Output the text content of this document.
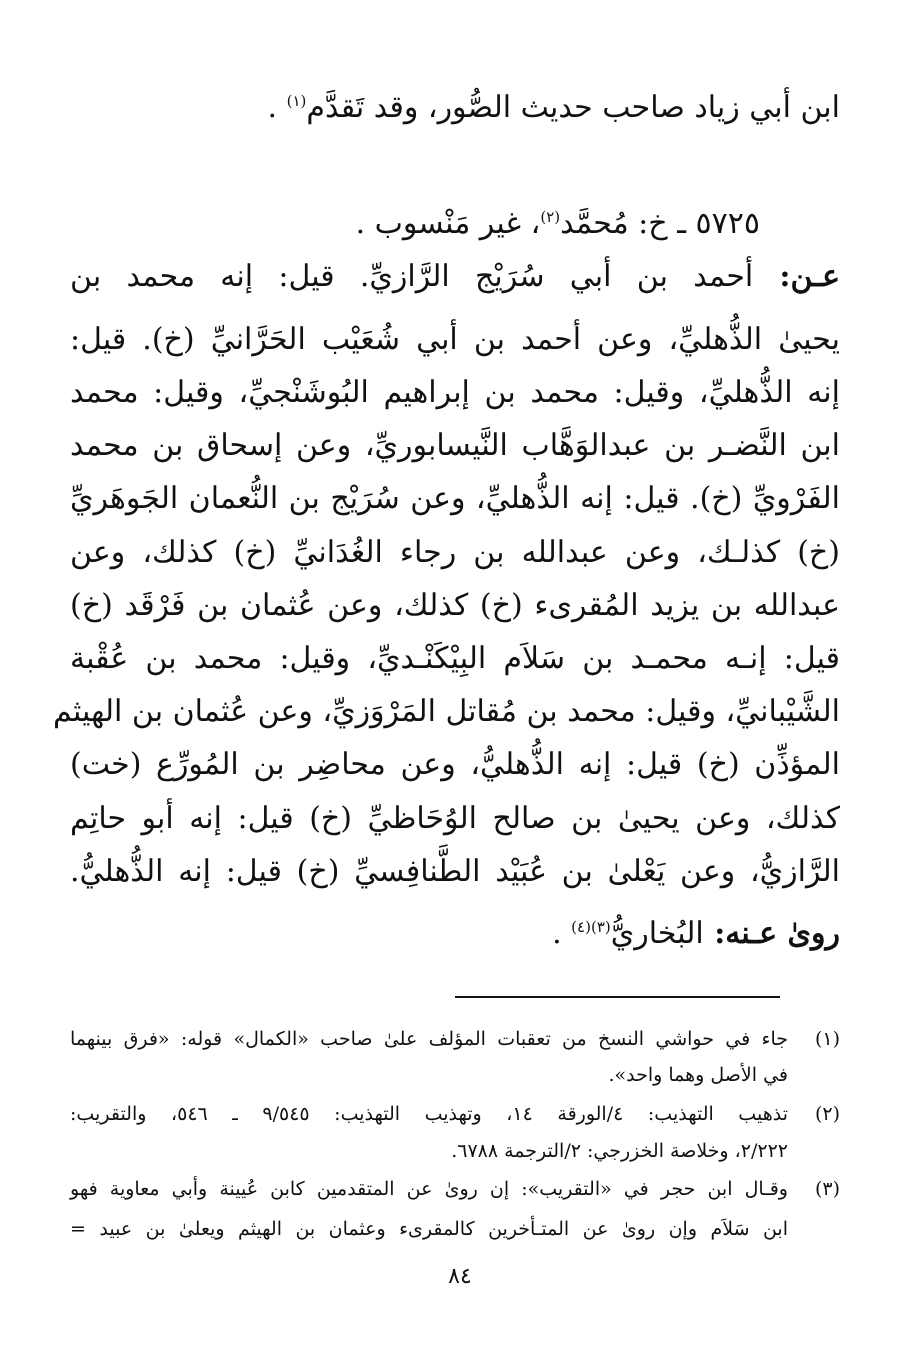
ابن أبي زياد صاحب حديث الصُّور، وقد تَقدَّم$^{(١)}$ .
٥٧٢٥ ـ خ: مُحمَّد$^{(٢)}$، غير مَنْسوب .
عـن: أحمد بن أبي سُرَيْج الرَّازيِّ. قيل: إنه محمد بن
يحيىٰ الذُّهليِّ، وعن أحمد بن أبي شُعَيْب الحَرَّانيِّ (خ). قيل:
إنه الذُّهليِّ، وقيل: محمد بن إبراهيم البُوشَنْجيِّ، وقيل: محمد
ابن النَّضـر بن عبدالوَهَّاب النَّيسابوريِّ، وعن إسحاق بن محمد
الفَرْويِّ (خ). قيل: إنه الذُّهليِّ، وعن سُرَيْج بن النُّعمان الجَوهَريِّ
(خ) كذلـك، وعن عبدالله بن رجاء الغُدَانيِّ (خ) كذلك، وعن
عبدالله بن يزيد المُقرىء (خ) كذلك، وعن عُثمان بن فَرْقَد (خ)
قيل: إنـه محمـد بن سَلاَم البِيْكَنْـديِّ، وقيل: محمد بن عُقْبة
الشَّيْبانيِّ، وقيل: محمد بن مُقاتل المَرْوَزيِّ، وعن عُثمان بن الهيثم
المؤذِّن (خ) قيل: إنه الذُّهليُّ، وعن محاضِر بن المُورِّع (خت)
كذلك، وعن يحيىٰ بن صالح الوُحَاظيِّ (خ) قيل: إنه أبو حاتِم
الرَّازيُّ، وعن يَعْلىٰ بن عُبَيْد الطَّنافِسيِّ (خ) قيل: إنه الذُّهليُّ.
روىٰ عـنه: البُخاريُّ$^{(٣)(٤)}$ .
(١)
جاء في حواشي النسخ من تعقبات المؤلف علىٰ صاحب «الكمال» قوله: «فرق بينهما
في الأصل وهما واحد».
(٢)
تذهيب التهذيب: ٤/الورقة ١٤، وتهذيب التهذيب: ٩/٥٤٥ ـ ٥٤٦، والتقريب:
٢/٢٢٢، وخلاصة الخزرجي: ٢/الترجمة ٦٧٨٨.
(٣)
وقـال ابن حجر في «التقريب»: إن روىٰ عن المتقدمين كابن عُيينة وأبي معاوية فهو
ابن سَلاَم وإن روىٰ عن المتـأخرين كالمقرىء وعثمان بن الهيثم ويعلىٰ بن عبيد =
٨٤
